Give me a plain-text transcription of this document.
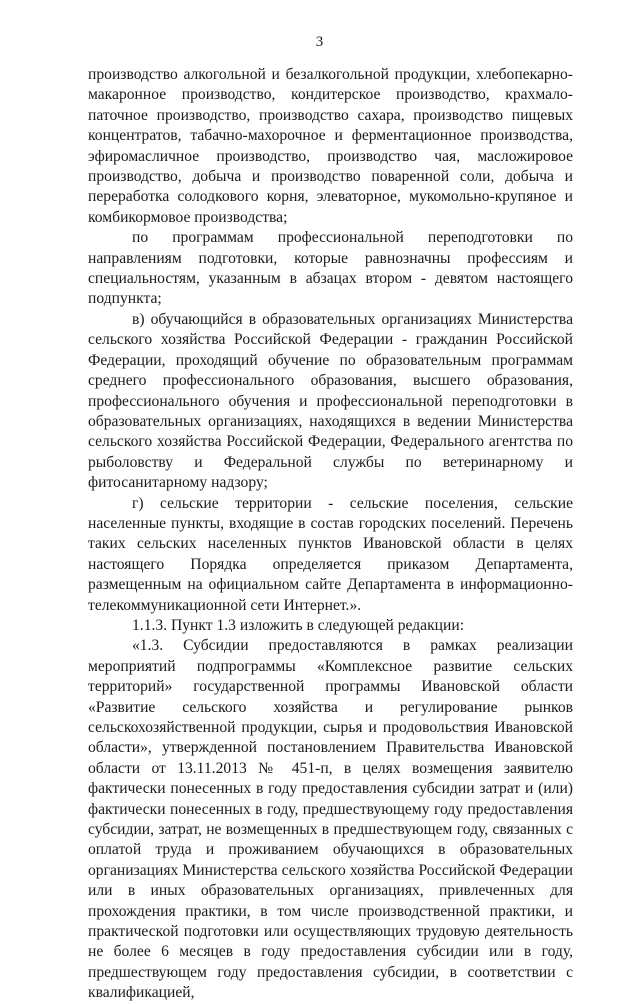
3

производство алкогольной и безалкогольной продукции, хлебопекарно-макаронное производство, кондитерское производство, крахмало-паточное производство, производство сахара, производство пищевых концентратов, табачно-махорочное и ферментационное производства, эфиромасличное производство, производство чая, масложировое производство, добыча и производство поваренной соли, добыча и переработка солодкового корня, элеваторное, мукомольно-крупяное и комбикормовое производства;

по программам профессиональной переподготовки по направлениям подготовки, которые равнозначны профессиям и специальностям, указанным в абзацах втором - девятом настоящего подпункта;

в) обучающийся в образовательных организациях Министерства сельского хозяйства Российской Федерации - гражданин Российской Федерации, проходящий обучение по образовательным программам среднего профессионального образования, высшего образования, профессионального обучения и профессиональной переподготовки в образовательных организациях, находящихся в ведении Министерства сельского хозяйства Российской Федерации, Федерального агентства по рыболовству и Федеральной службы по ветеринарному и фитосанитарному надзору;

г) сельские территории - сельские поселения, сельские населенные пункты, входящие в состав городских поселений. Перечень таких сельских населенных пунктов Ивановской области в целях настоящего Порядка определяется приказом Департамента, размещенным на официальном сайте Департамента в информационно-телекоммуникационной сети Интернет.».

1.1.3. Пункт 1.3 изложить в следующей редакции:

«1.3. Субсидии предоставляются в рамках реализации мероприятий подпрограммы «Комплексное развитие сельских территорий» государственной программы Ивановской области «Развитие сельского хозяйства и регулирование рынков сельскохозяйственной продукции, сырья и продовольствия Ивановской области», утвержденной постановлением Правительства Ивановской области от 13.11.2013 № 451-п, в целях возмещения заявителю фактически понесенных в году предоставления субсидии затрат и (или) фактически понесенных в году, предшествующему году предоставления субсидии, затрат, не возмещенных в предшествующем году, связанных с оплатой труда и проживанием обучающихся в образовательных организациях Министерства сельского хозяйства Российской Федерации или в иных образовательных организациях, привлеченных для прохождения практики, в том числе производственной практики, и практической подготовки или осуществляющих трудовую деятельность не более 6 месяцев в году предоставления субсидии или в году, предшествующем году предоставления субсидии, в соответствии с квалификацией,
